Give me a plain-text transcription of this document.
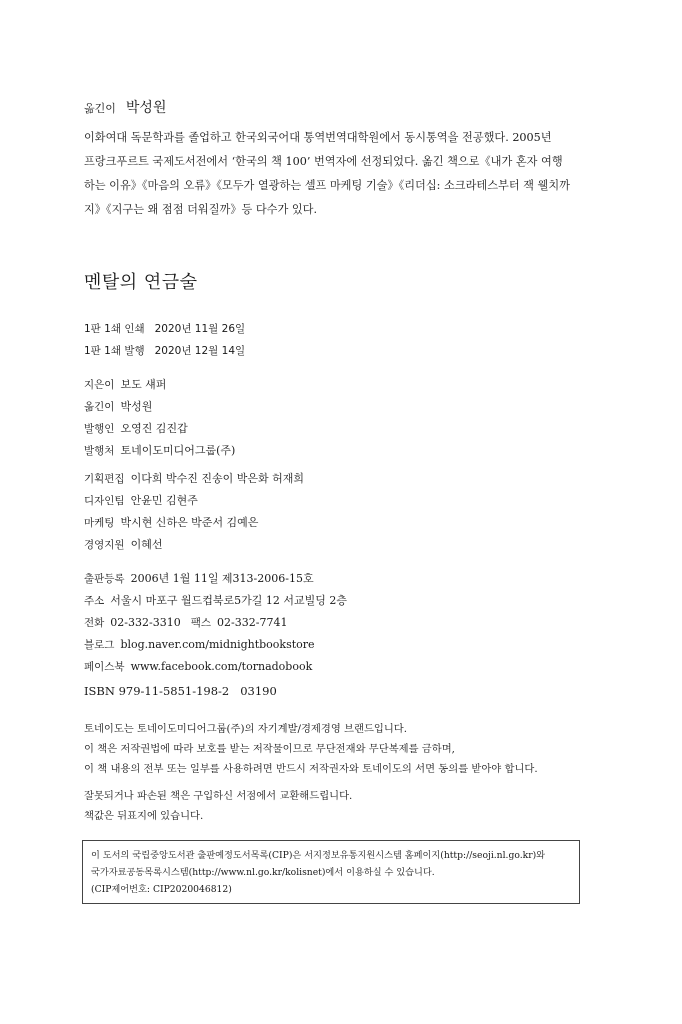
옮긴이 박성원

이화여대 독문학과를 졸업하고 한국외국어대 통역번역대학원에서 동시통역을 전공했다. 2005년

프랑크푸르트 국제도서전에서 ‘한국의 책 100’ 번역자에 선정되었다. 옮긴 책으로《내가 혼자 여행

하는 이유》《마음의 오류》《모두가 열광하는 셀프 마케팅 기술》《리더십: 소크라테스부터 잭 웰치까

지》《지구는 왜 점점 더워질까》등 다수가 있다.

멘탈의 연금술
1판 1쇄 인쇄 2020년 11월 26일
1판 1쇄 발행 2020년 12월 14일
지은이 보도 섀퍼
옮긴이 박성원
발행인 오영진 김진갑
발행처 토네이도미디어그룹(주)
기획편집 이다희 박수진 진송이 박은화 허재희
디자인팀 안윤민 김현주
마케팅 박시현 신하은 박준서 김예은
경영지원 이혜선
출판등록 2006년 1월 11일 제313-2006-15호
주소 서울시 마포구 월드컵북로5가길 12 서교빌딩 2층
전화 02-332-3310 팩스 02-332-7741
블로그 blog.naver.com/midnightbookstore
페이스북 www.facebook.com/tornadobook
ISBN 979-11-5851-198-2   03190

토네이도는 토네이도미디어그룹(주)의 자기계발/경제경영 브랜드입니다.

이 책은 저작권법에 따라 보호를 받는 저작물이므로 무단전재와 무단복제를 금하며,

이 책 내용의 전부 또는 일부를 사용하려면 반드시 저작권자와 토네이도의 서면 동의를 받아야 합니다.

잘못되거나 파손된 책은 구입하신 서점에서 교환해드립니다.

책값은 뒤표지에 있습니다.

이 도서의 국립중앙도서관 출판예정도서목록(CIP)은 서지정보유통지원시스템 홈페이지(http://seoji.nl.go.kr)와

국가자료공동목록시스템(http://www.nl.go.kr/kolisnet)에서 이용하실 수 있습니다.

(CIP제어번호: CIP2020046812)
